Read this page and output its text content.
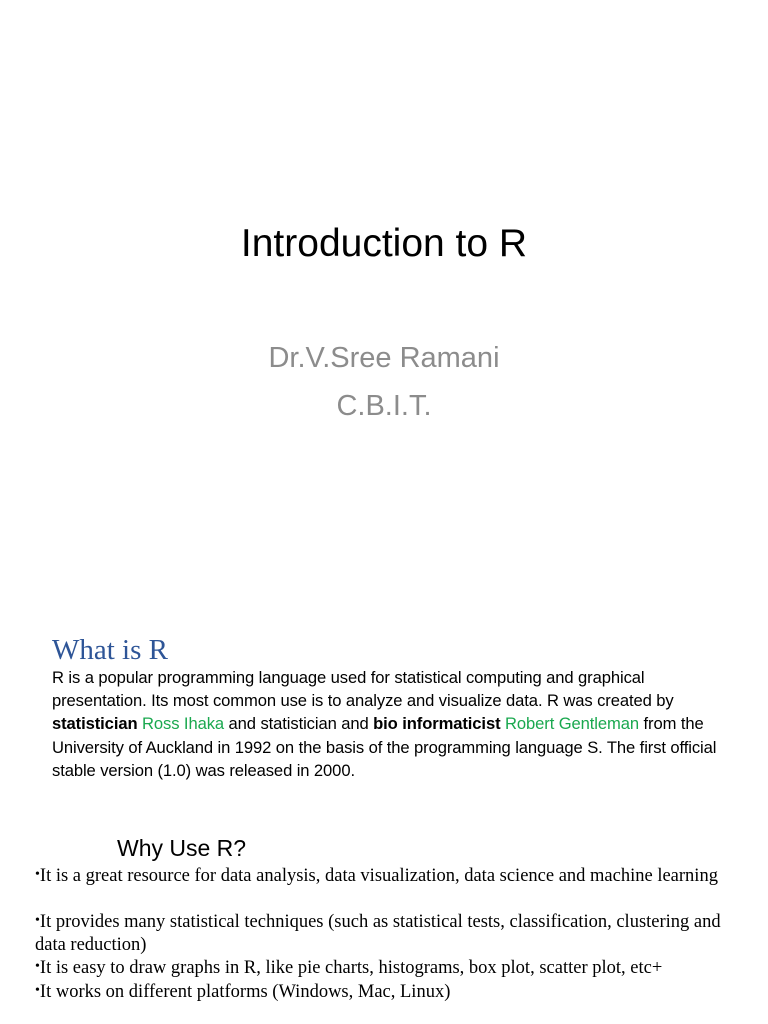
Introduction to R
Dr.V.Sree Ramani
C.B.I.T.
What is R

R is a popular programming language used for statistical computing and graphical presentation. Its most common use is to analyze and visualize data. R was created by statistician Ross Ihaka and statistician and bio informaticist Robert Gentleman from the University of Auckland in 1992 on the basis of the programming language S. The first official stable version (1.0) was released in 2000.

Why Use R?
•It is a great resource for data analysis, data visualization, data science and machine learning
•It provides many statistical techniques (such as statistical tests, classification, clustering and data reduction)
•It is easy to draw graphs in R, like pie charts, histograms, box plot, scatter plot, etc+
•It works on different platforms (Windows, Mac, Linux)
